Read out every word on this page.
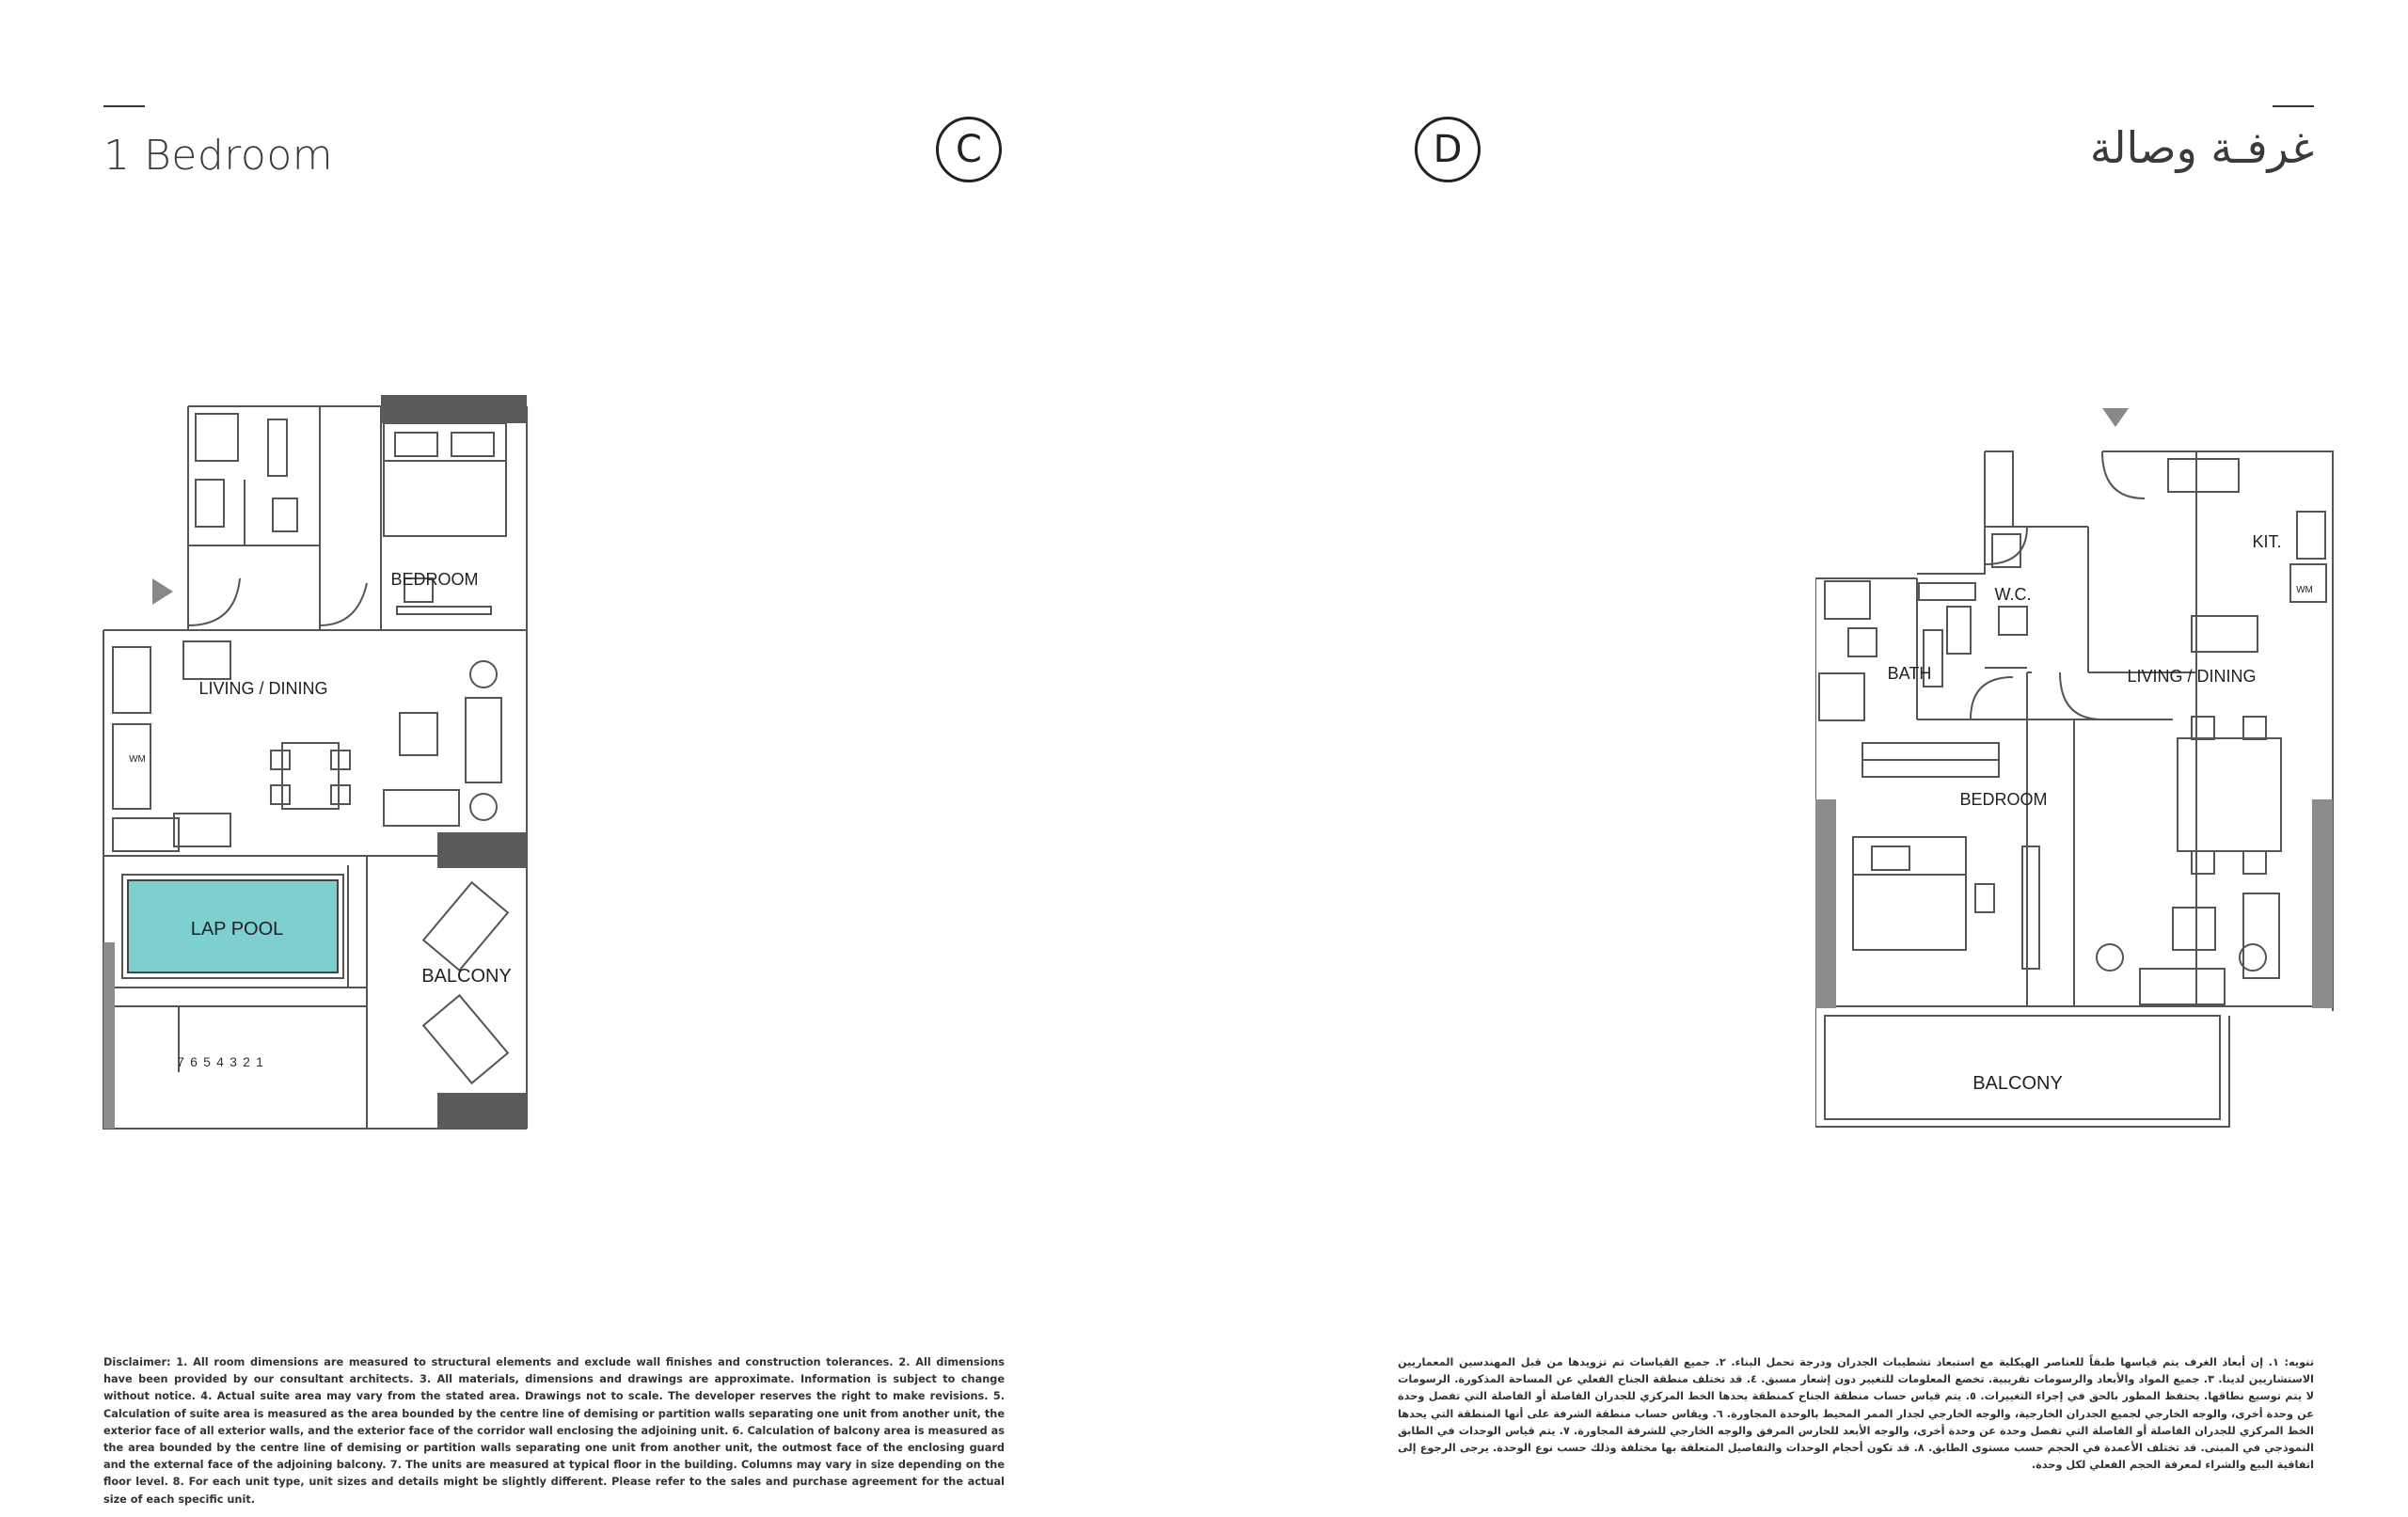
1 Bedroom	غرفـة وصالة
C	D
7 6 5 4 3 2 1
BEDROOM
LIVING / DINING
LAP POOL
BALCONY
WM
KIT.
W.C.
BATH	LIVING / DINING
BEDROOM
BALCONY
WM
Disclaimer: 1. All room dimensions are measured to structural elements and exclude wall finishes and construction tolerances. 2. All dimensions have been provided by our consultant architects. 3. All materials, dimensions and drawings are approximate. Information is subject to change without notice. 4. Actual suite area may vary from the stated area. Drawings not to scale. The developer reserves the right to make revisions. 5. Calculation of suite area is measured as the area bounded by the centre line of demising or partition walls separating one unit from another unit, the exterior face of all exterior walls, and the exterior face of the corridor wall enclosing the adjoining unit. 6. Calculation of balcony area is measured as the area bounded by the centre line of demising or partition walls separating one unit from another unit, the outmost face of the enclosing guard and the external face of the adjoining balcony. 7. The units are measured at typical floor in the building. Columns may vary in size depending on the floor level. 8. For each unit type, unit sizes and details might be slightly different. Please refer to the sales and purchase agreement for the actual size of each specific unit.
تنويه: ١. إن أبعاد الغرف يتم قياسها طبقاً للعناصر الهيكلية مع استبعاد تشطيبات الجدران ودرجة تحمل البناء. ٢. جميع القياسات تم تزويدها من قبل المهندسين المعماريين الاستشاريين لدينا. ٣. جميع المواد والأبعاد والرسومات تقريبية. تخضع المعلومات للتغيير دون إشعار مسبق. ٤. قد تختلف منطقة الجناح الفعلي عن المساحة المذكورة. الرسومات لا يتم توسيع نطاقها. يحتفظ المطور بالحق في إجراء التغييرات. ٥. يتم قياس حساب منطقة الجناح كمنطقة يحدها الخط المركزي للجدران الفاصلة أو الفاصلة التي تفصل وحدة عن وحدة أخرى، والوجه الخارجي لجميع الجدران الخارجية، والوجه الخارجي لجدار الممر المحيط بالوحدة المجاورة. ٦. ويقاس حساب منطقة الشرفة على أنها المنطقة التي يحدها الخط المركزي للجدران الفاصلة أو الفاصلة التي تفصل وحدة عن وحدة أخرى، والوجه الأبعد للحارس المرفق والوجه الخارجي للشرفة المجاورة. ٧. يتم قياس الوحدات في الطابق النموذجي في المبنى. قد تختلف الأعمدة في الحجم حسب مستوى الطابق. ٨. قد تكون أحجام الوحدات والتفاصيل المتعلقة بها مختلفة وذلك حسب نوع الوحدة. يرجى الرجوع إلى اتفاقية البيع والشراء لمعرفة الحجم الفعلي لكل وحدة.
